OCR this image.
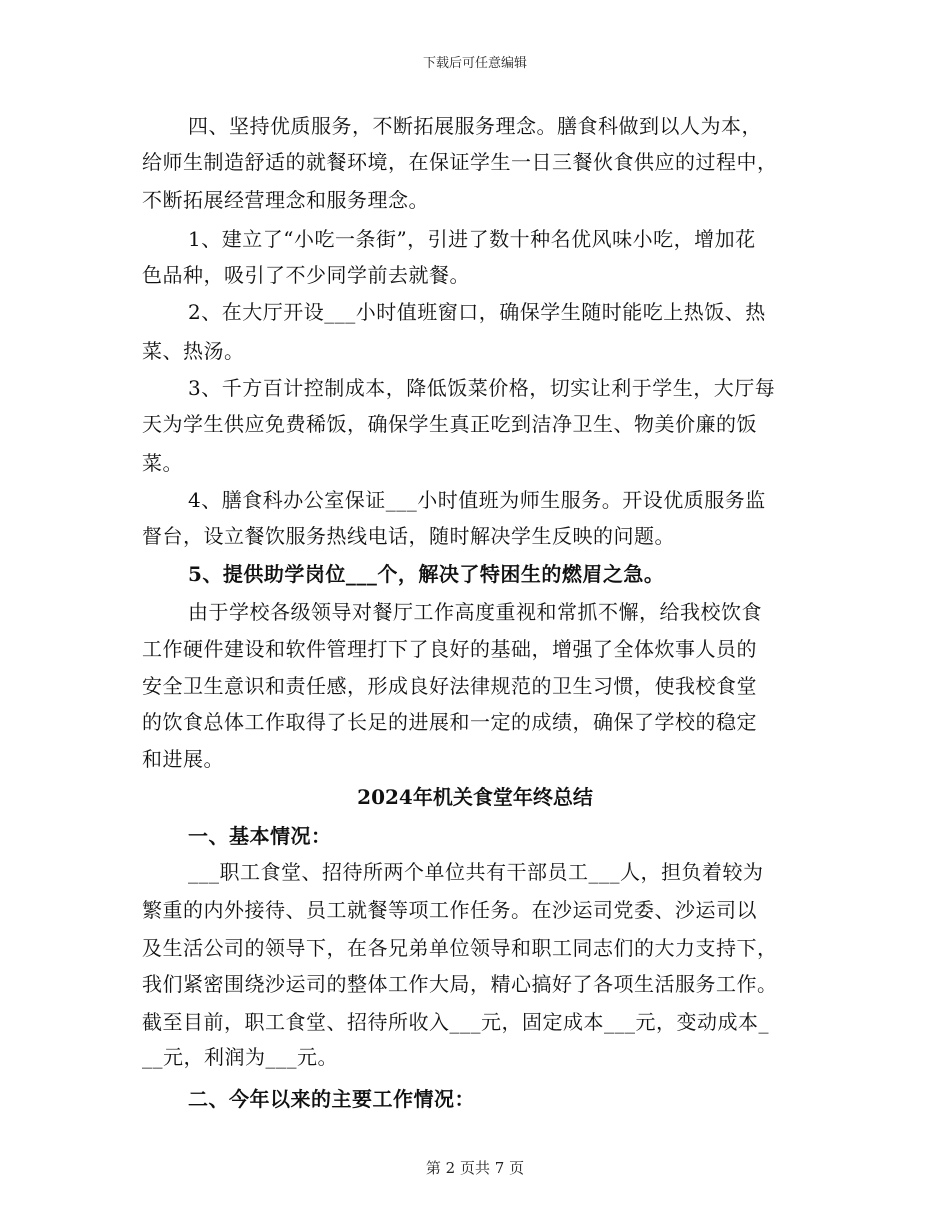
下载后可任意编辑
四、坚持优质服务，不断拓展服务理念。膳食科做到以人为本，
给师生制造舒适的就餐环境，在保证学生一日三餐伙食供应的过程中，
不断拓展经营理念和服务理念。
1、建立了“小吃一条街”，引进了数十种名优风味小吃，增加花
色品种，吸引了不少同学前去就餐。
2、在大厅开设___小时值班窗口，确保学生随时能吃上热饭、热
菜、热汤。
3、千方百计控制成本，降低饭菜价格，切实让利于学生，大厅每
天为学生供应免费稀饭，确保学生真正吃到洁净卫生、物美价廉的饭
菜。
4、膳食科办公室保证___小时值班为师生服务。开设优质服务监
督台，设立餐饮服务热线电话，随时解决学生反映的问题。
5、提供助学岗位___个，解决了特困生的燃眉之急。
由于学校各级领导对餐厅工作高度重视和常抓不懈，给我校饮食
工作硬件建设和软件管理打下了良好的基础，增强了全体炊事人员的
安全卫生意识和责任感，形成良好法律规范的卫生习惯，使我校食堂
的饮食总体工作取得了长足的进展和一定的成绩，确保了学校的稳定
和进展。
2024年机关食堂年终总结
一、基本情况：
___职工食堂、招待所两个单位共有干部员工___人，担负着较为
繁重的内外接待、员工就餐等项工作任务。在沙运司党委、沙运司以
及生活公司的领导下，在各兄弟单位领导和职工同志们的大力支持下，
我们紧密围绕沙运司的整体工作大局，精心搞好了各项生活服务工作。
截至目前，职工食堂、招待所收入___元，固定成本___元，变动成本_
__元，利润为___元。
二、今年以来的主要工作情况：
第 2 页共 7 页
